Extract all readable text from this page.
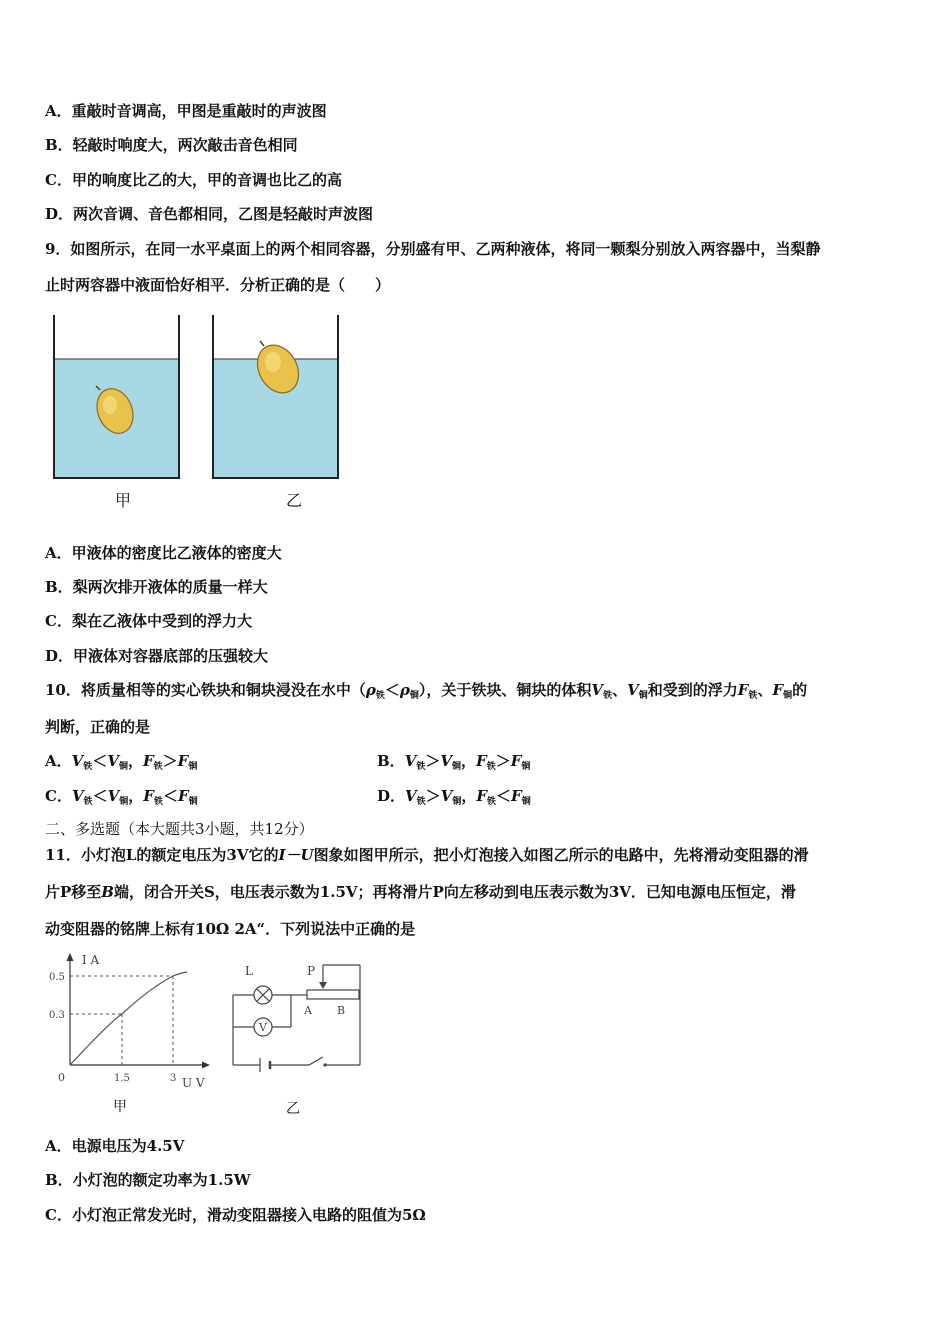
A．重敲时音调高，甲图是重敲时的声波图
B．轻敲时响度大，两次敲击音色相同
C．甲的响度比乙的大，甲的音调也比乙的高
D．两次音调、音色都相同，乙图是轻敲时声波图
9．如图所示，在同一水平桌面上的两个相同容器，分别盛有甲、乙两种液体，将同一颗梨分别放入两容器中，当梨静
止时两容器中液面恰好相平．分析正确的是（　　）
甲	乙
A．甲液体的密度比乙液体的密度大
B．梨两次排开液体的质量一样大
C．梨在乙液体中受到的浮力大
D．甲液体对容器底部的压强较大
10．将质量相等的实心铁块和铜块浸没在水中$(\rho_铁<\rho_铜)$，关于铁块、铜块的体积$V_铁$、$V_铜$和受到的浮力$F_铁$、$F_铜$的
判断，正确的是
A．$V_铁<V_铜$，$F_铁>F_铜$	B．$V_铁>V_铜$，$F_铁>F_铜$
C．$V_铁<V_铜$，$F_铁<F_铜$	D．$V_铁>V_铜$，$F_铁<F_铜$
二、多选题（本大题共3小题，共12分）
11．小灯泡L的额定电压为3V它的I－U图象如图甲所示，把小灯泡接入如图乙所示的电路中，先将滑动变阻器的滑
片P移至B端，闭合开关S，电压表示数为1.5V；再将滑片P向左移动到电压表示数为3V．已知电源电压恒定，滑
动变阻器的铭牌上标有10Ω 2A“．下列说法中正确的是
I A
U V
0
0.3
0.5
1.5	3
甲
V
L	P
A B
乙
A．电源电压为4.5V
B．小灯泡的额定功率为1.5W
C．小灯泡正常发光时，滑动变阻器接入电路的阻值为5Ω
